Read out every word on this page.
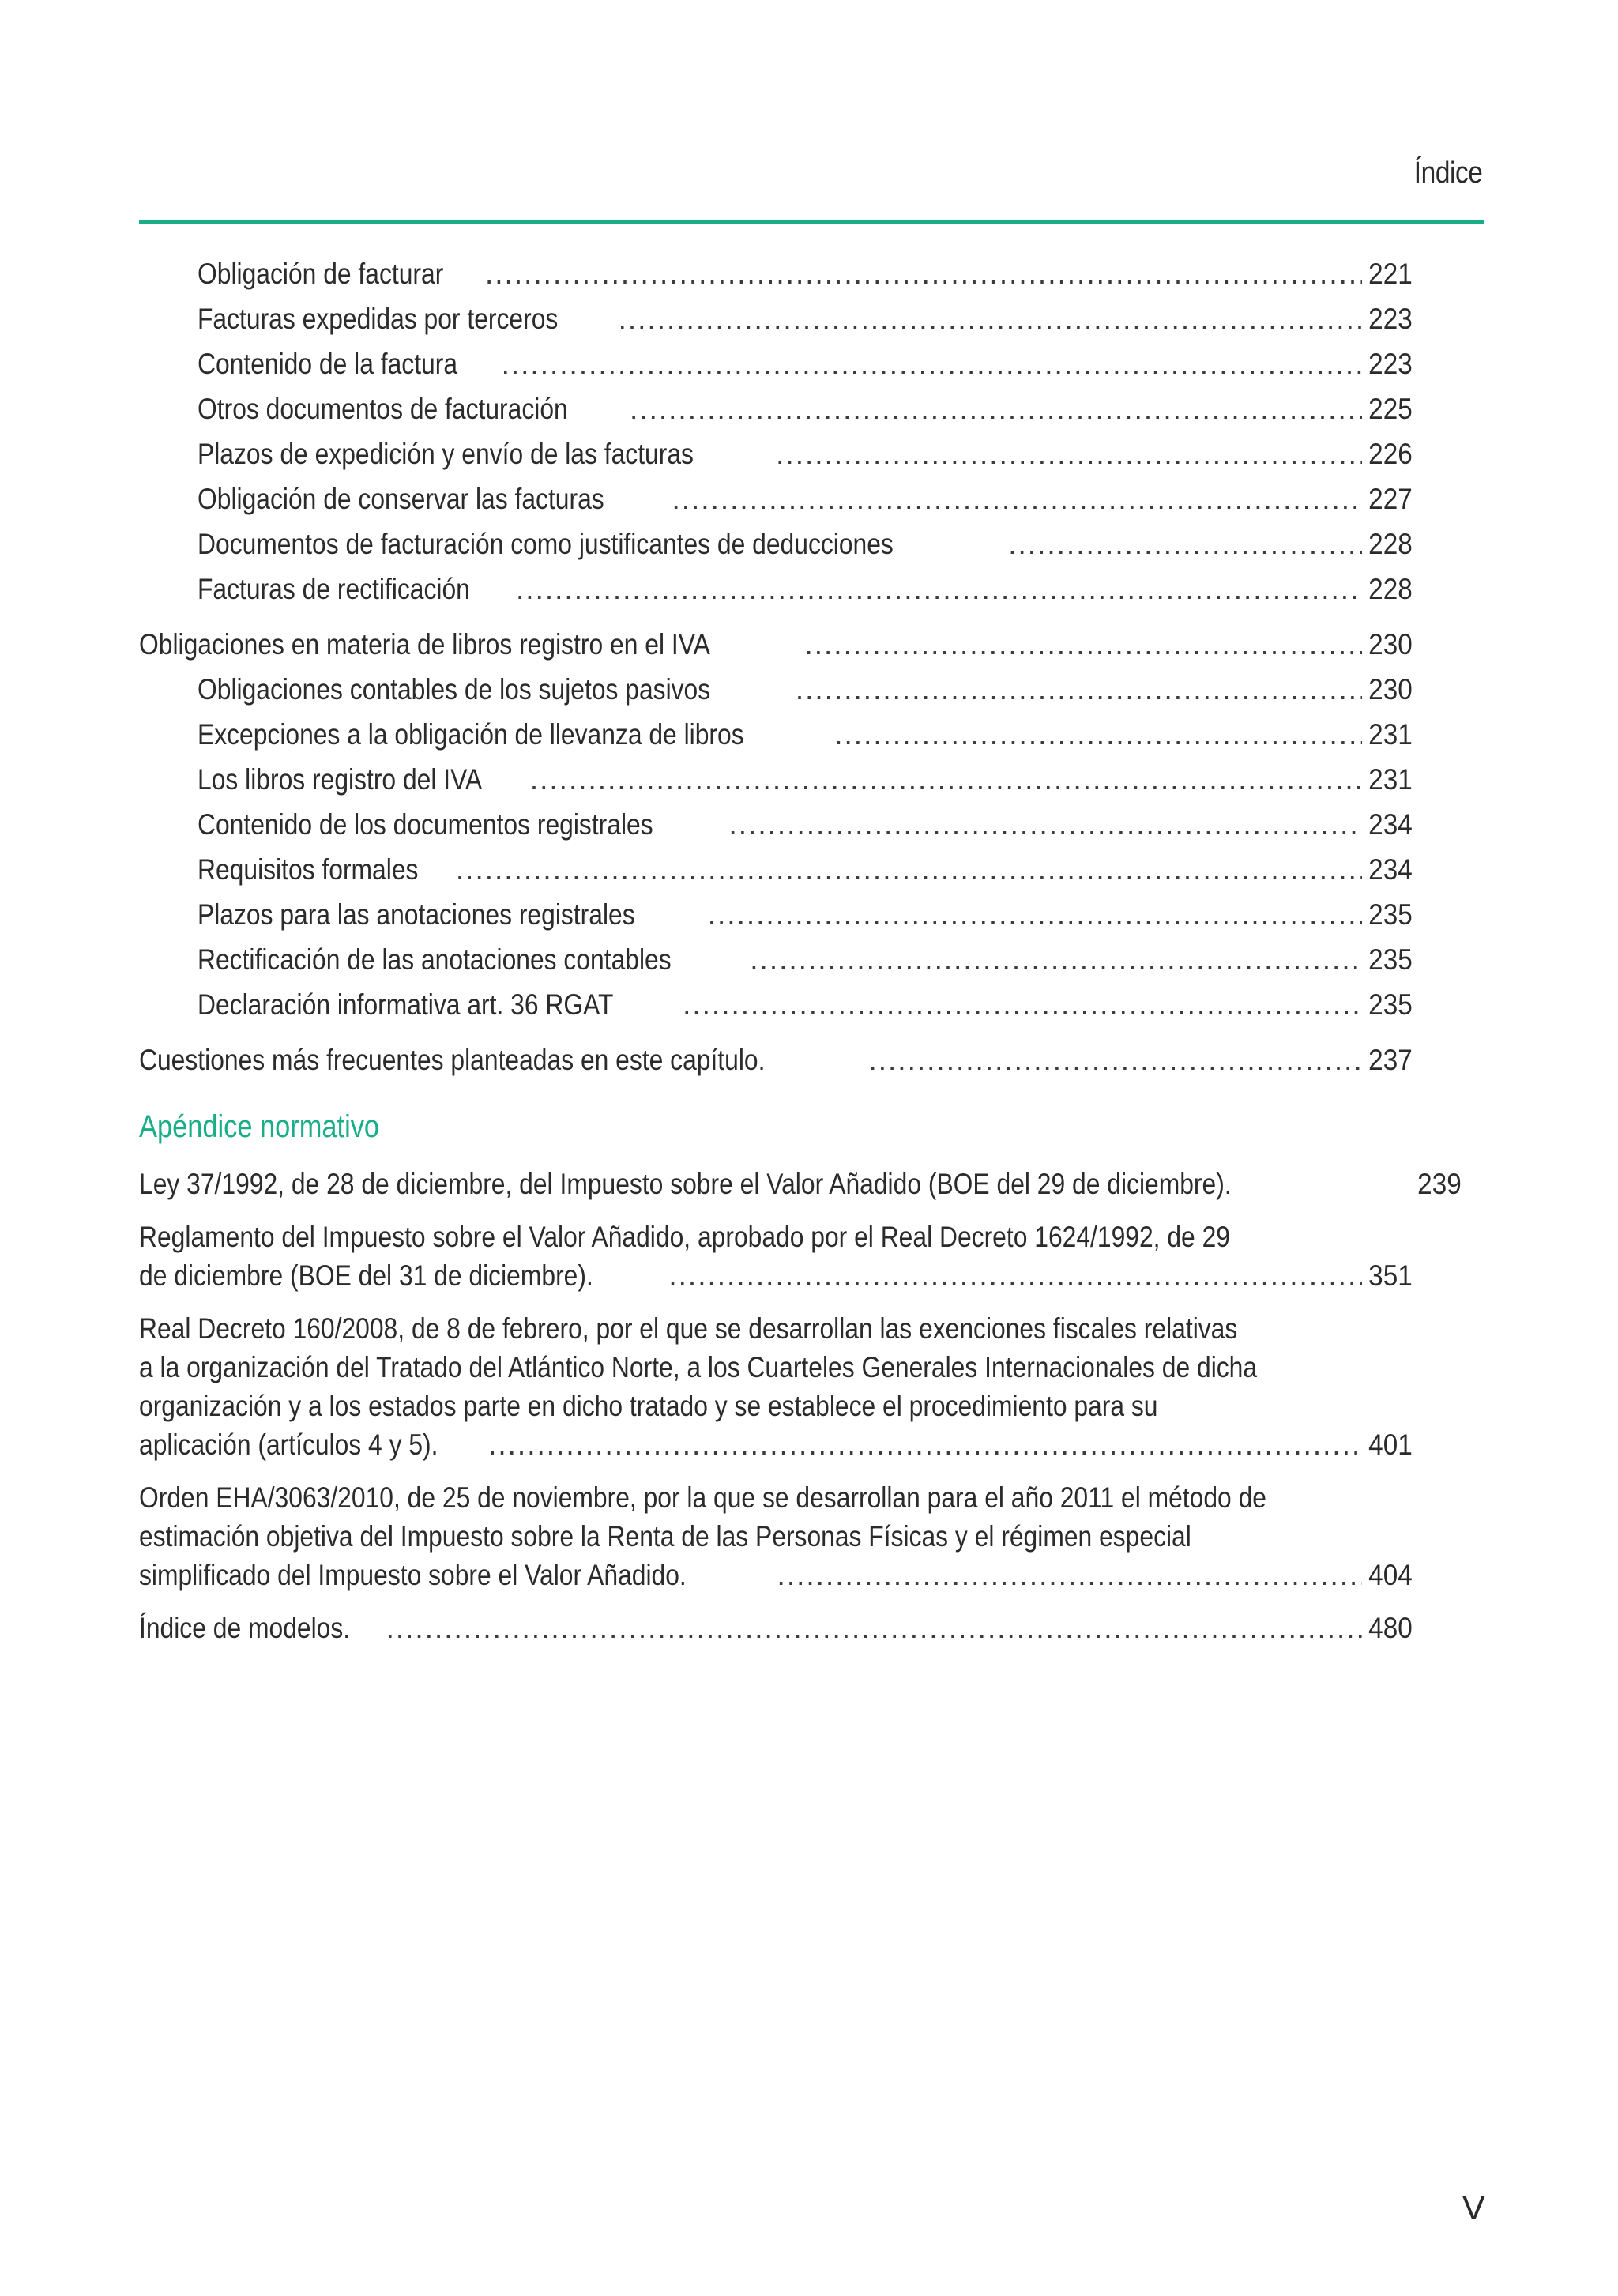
Índice
Obligación de facturar .....	221
Facturas expedidas por terceros .....	223
Contenido de la factura .....	223
Otros documentos de facturación .....	225
Plazos de expedición y envío de las facturas .....	226
Obligación de conservar las facturas .....	227
Documentos de facturación como justificantes de deducciones .....	228
Facturas de rectificación .....	228
Obligaciones en materia de libros registro en el IVA .....	230
Obligaciones contables de los sujetos pasivos .....	230
Excepciones a la obligación de llevanza de libros .....	231
Los libros registro del IVA .....	231
Contenido de los documentos registrales .....	234
Requisitos formales .....	234
Plazos para las anotaciones registrales .....	235
Rectificación de las anotaciones contables .....	235
Declaración informativa art. 36 RGAT .....	235
Cuestiones más frecuentes planteadas en este capítulo. .....	237
Apéndice normativo
Ley 37/1992, de 28 de diciembre, del Impuesto sobre el Valor Añadido (BOE del 29 de diciembre).	239
Reglamento del Impuesto sobre el Valor Añadido, aprobado por el Real Decreto 1624/1992, de 29
de diciembre (BOE del 31 de diciembre). .....	351
Real Decreto 160/2008, de 8 de febrero, por el que se desarrollan las exenciones fiscales relativas
a la organización del Tratado del Atlántico Norte, a los Cuarteles Generales Internacionales de dicha
organización y a los estados parte en dicho tratado y se establece el procedimiento para su
aplicación (artículos 4 y 5). .....	401
Orden EHA/3063/2010, de 25 de noviembre, por la que se desarrollan para el año 2011 el método de
estimación objetiva del Impuesto sobre la Renta de las Personas Físicas y el régimen especial
simplificado del Impuesto sobre el Valor Añadido. .....	404
Índice de modelos. .....	480
V
